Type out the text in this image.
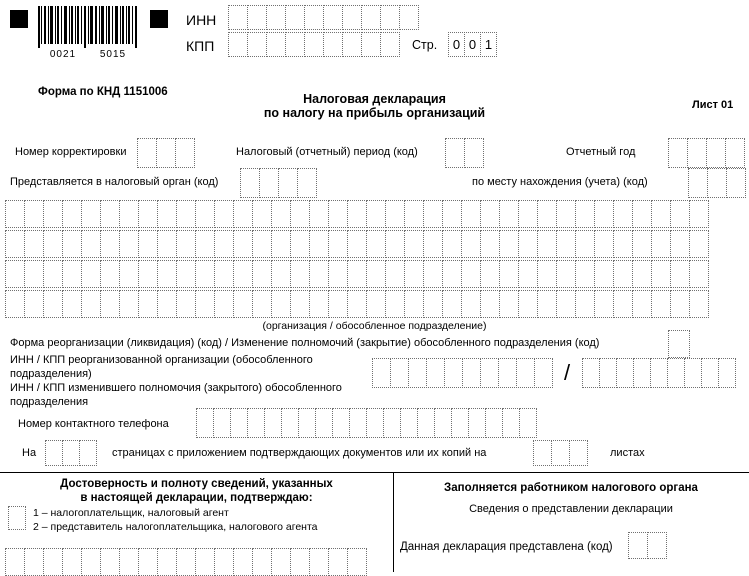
0021	5015
ИНН
КПП	Стр.	0 0 1
Форма по КНД 1151006	Налоговая декларация
по налогу на прибыль организаций
Лист 01
Номер корректировки	Налоговый (отчетный) период (код)	Отчетный год
Представляется в налоговый орган (код)	по месту нахождения (учета) (код)
(организация / обособленное подразделение)
Форма реорганизации (ликвидация) (код) / Изменение полномочий (закрытие) обособленного подразделения (код)
ИНН / КПП реорганизованной организации (обособленного подразделения)
ИНН / КПП изменившего полномочия (закрытого) обособленного подразделения
/
Номер контактного телефона
На	страницах с приложением подтверждающих документов или их копий на	листах
Достоверность и полноту сведений, указанных
в настоящей декларации, подтверждаю:
1 – налогоплательщик, налоговый агент
2 – представитель налогоплательщика, налогового агента
Заполняется работником налогового органа
Сведения о представлении декларации
Данная декларация представлена (код)
